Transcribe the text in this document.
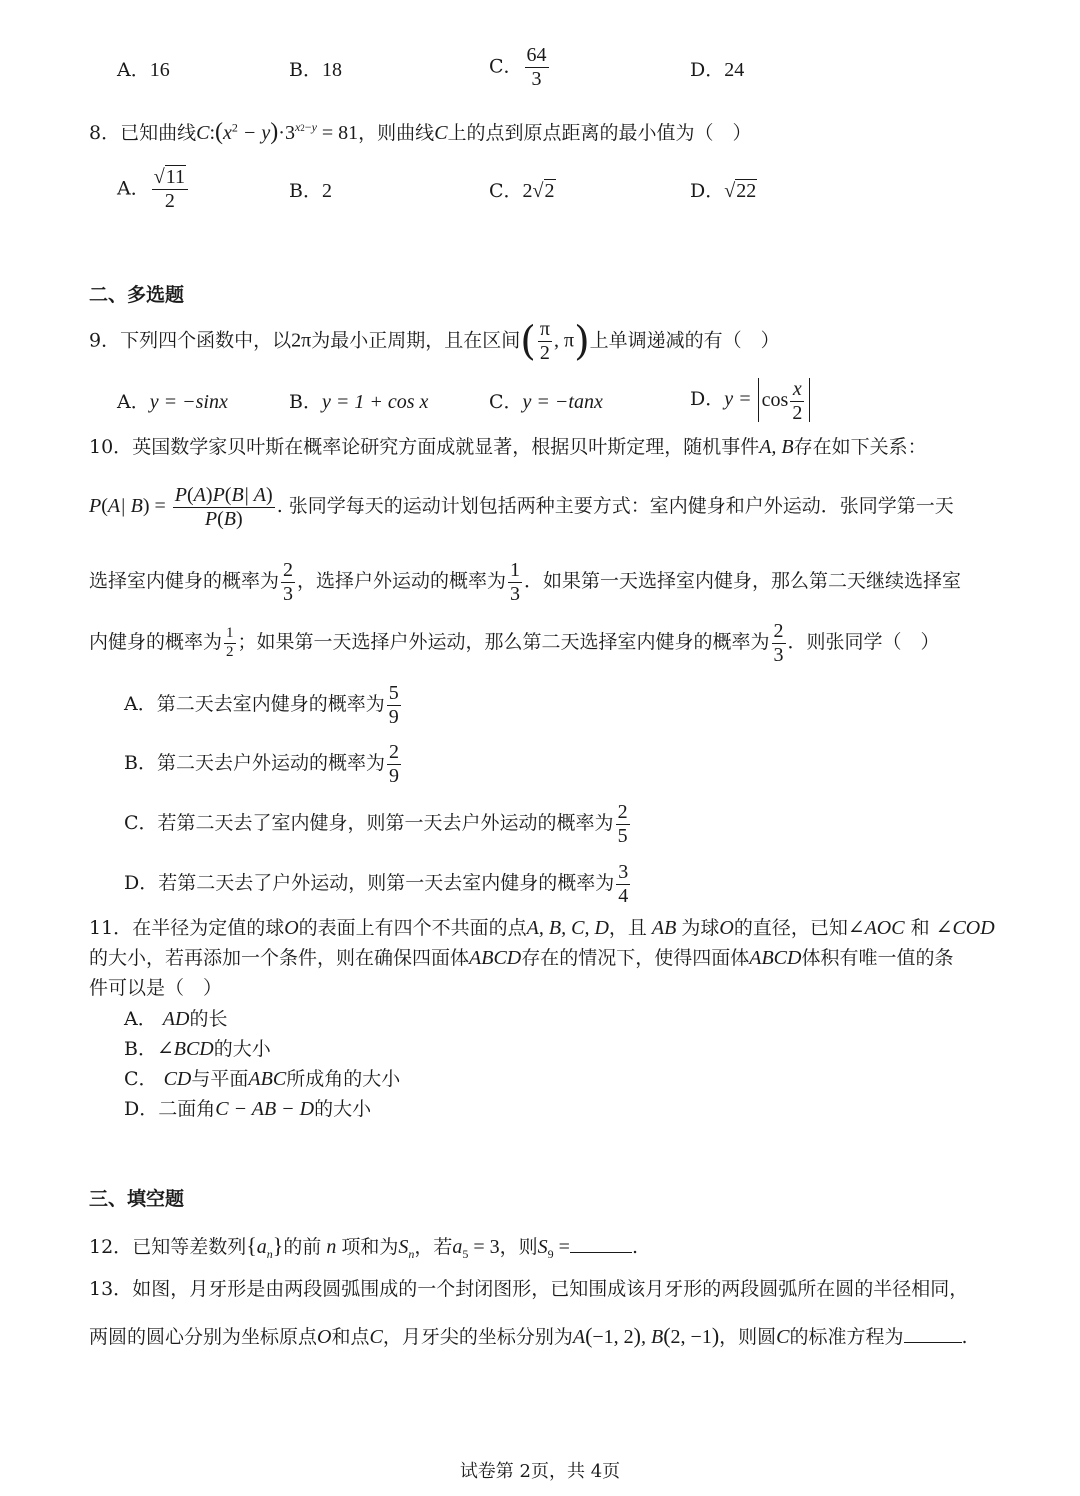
A．16	B．18	C． $\frac{64}{3}$	D．24
8．已知曲线$C:(x^2 - y)\cdot 3^{x2-y} = 81$，则曲线C上的点到原点距离的最小值为（　）
A． $\frac{√11}{2}$	B．2	C．2√2	D．√22
二、多选题
9．下列四个函数中，以2π为最小正周期，且在区间( $\frac{\pi}{2}$ , π)上单调递减的有（　）
A．y = −sinx	B．y = 1 + cos x	C．y = −tanx	D．$y = \cos \frac{x}{2}$
10．英国数学家贝叶斯在概率论研究方面成就显著，根据贝叶斯定理，随机事件A, B存在如下关系：
P(A| $B) = \frac{P(A)P(B| A)}{P(B)}$ . 张同学每天的运动计划包括两种主要方式：室内健身和户外运动．张同学第一天
选择室内健身的概率为 $\frac{2}{3}$ ，选择户外运动的概率为 $\frac{1}{3}$ ．如果第一天选择室内健身，那么第二天继续选择室
内健身的概率为 $\frac{1}{2}$ ；如果第一天选择户外运动，那么第二天选择室内健身的概率为 $\frac{2}{3}$ ．则张同学（　）
A．第二天去室内健身的概率为 $\frac{5}{9}$
B．第二天去户外运动的概率为 $\frac{2}{9}$
C．若第二天去了室内健身，则第一天去户外运动的概率为 $\frac{2}{5}$
D．若第二天去了户外运动，则第一天去室内健身的概率为 $\frac{3}{4}$
11．在半径为定值的球O的表面上有四个不共面的点A, B, C, D，且 AB 为球O的直径，已知∠AOC 和 ∠COD
的大小，若再添加一个条件，则在确保四面体ABCD存在的情况下，使得四面体ABCD体积有唯一值的条
件可以是（　）
A． AD的长
B．∠BCD的大小
C． CD与平面ABC所成角的大小
D．二面角C − AB − D的大小
三、填空题
12．已知等差数列$\{a_n\}$的前 n 项和为$S_n$，若$a_5 = 3$，则$S_9$ =	.
13．如图，月牙形是由两段圆弧围成的一个封闭图形，已知围成该月牙形的两段圆弧所在圆的半径相同，
两圆的圆心分别为坐标原点O和点C，月牙尖的坐标分别为A(−1, 2), B(2, −1)，则圆C的标准方程为	.
试卷第 2页，共 4页
